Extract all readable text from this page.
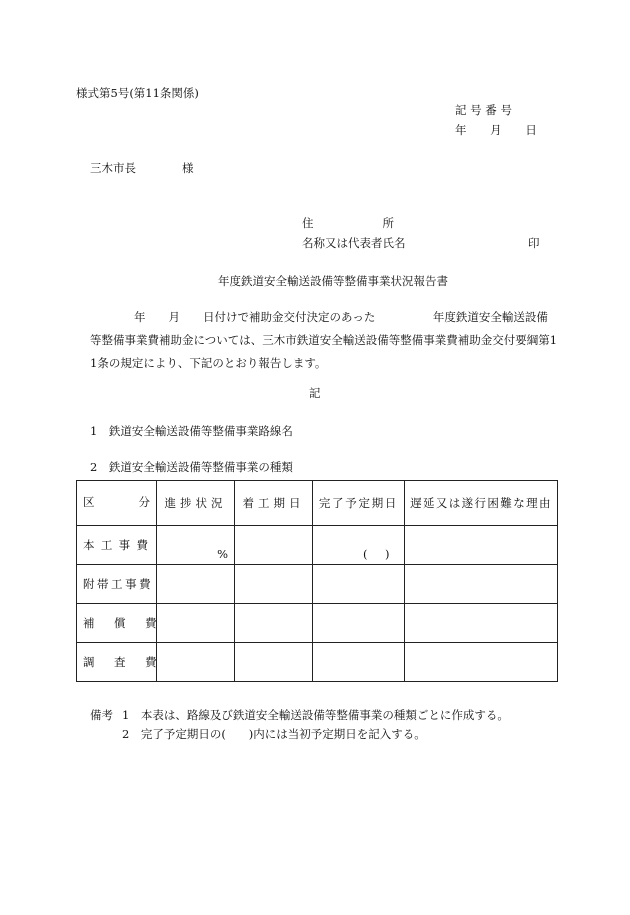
様式第5号(第11条関係)
記 号 番 号
年 月 日
三木市長	様
住　　　　　　所
名称又は代表者氏名	印
年度鉄道安全輸送設備等整備事業状況報告書
年　　月　　日付けで補助金交付決定のあった　　　　　年度鉄道安全輸送設備
等整備事業費補助金については、三木市鉄道安全輸送設備等整備事業費補助金交付要綱第1
1条の規定により、下記のとおり報告します。
記
1　鉄道安全輸送設備等整備事業路線名
2　鉄道安全輸送設備等整備事業の種類
区 分	進捗状況	着工期日	完了予定期日	遅延又は遂行困難な理由

本工事費	%		( )	

附帯工事費				

補償費				

調査費				

備考 1　本表は、路線及び鉄道安全輸送設備等整備事業の種類ごとに作成する。
2　完了予定期日の(　　)内には当初予定期日を記入する。
